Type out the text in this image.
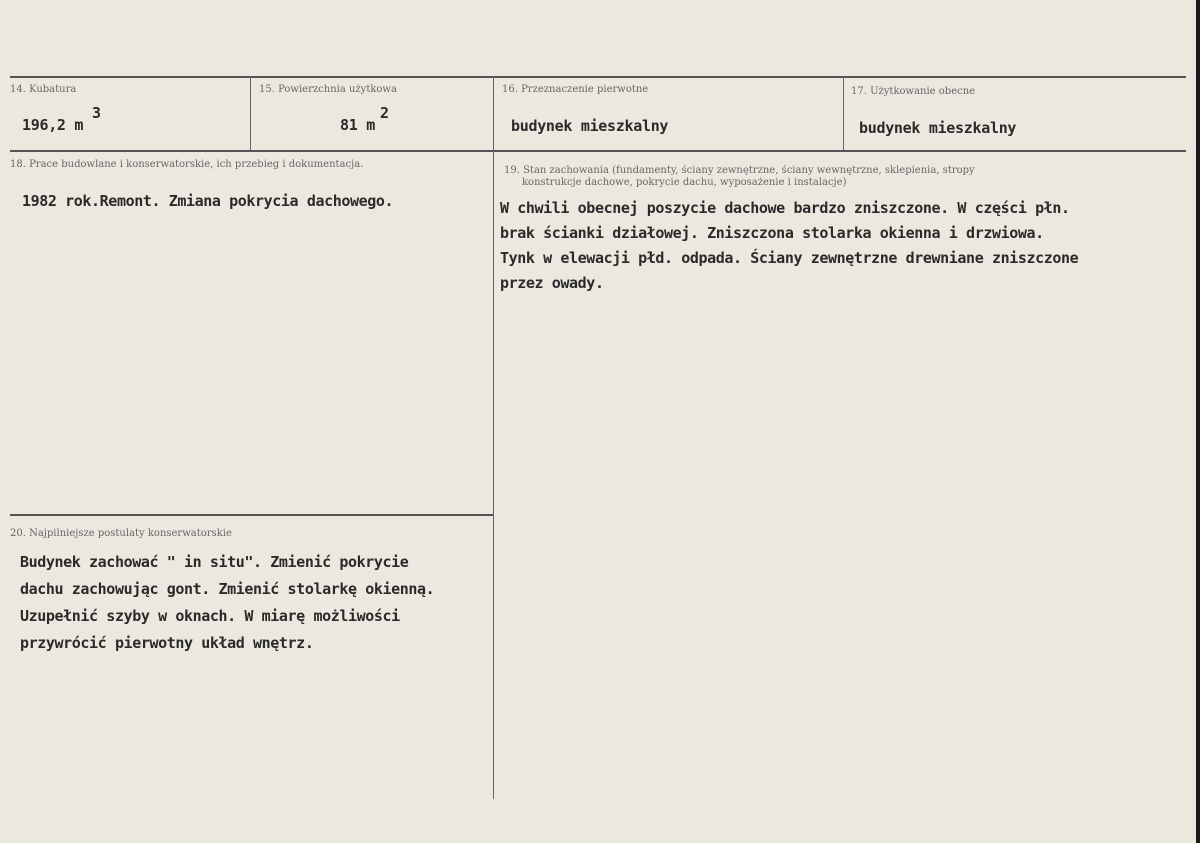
14. Kubatura
196,2 m
3
15. Powierzchnia użytkowa
81 m
2
16. Przeznaczenie pierwotne
budynek mieszkalny
17. Użytkowanie obecne
budynek mieszkalny
18. Prace budowlane i konserwatorskie, ich przebieg i dokumentacja.
1982 rok.Remont. Zmiana pokrycia dachowego.
19. Stan zachowania (fundamenty, ściany zewnętrzne, ściany wewnętrzne, sklepienia, stropy
konstrukcje dachowe, pokrycie dachu, wyposażenie i instalacje)
W chwili obecnej poszycie dachowe bardzo zniszczone. W części płn.
brak ścianki działowej. Zniszczona stolarka okienna i drzwiowa.
Tynk w elewacji płd. odpada. Ściany zewnętrzne drewniane zniszczone
przez owady.
20. Najpilniejsze postulaty konserwatorskie
Budynek zachować " in situ". Zmienić pokrycie
dachu zachowując gont. Zmienić stolarkę okienną.
Uzupełnić szyby w oknach. W miarę możliwości
przywrócić pierwotny układ wnętrz.
